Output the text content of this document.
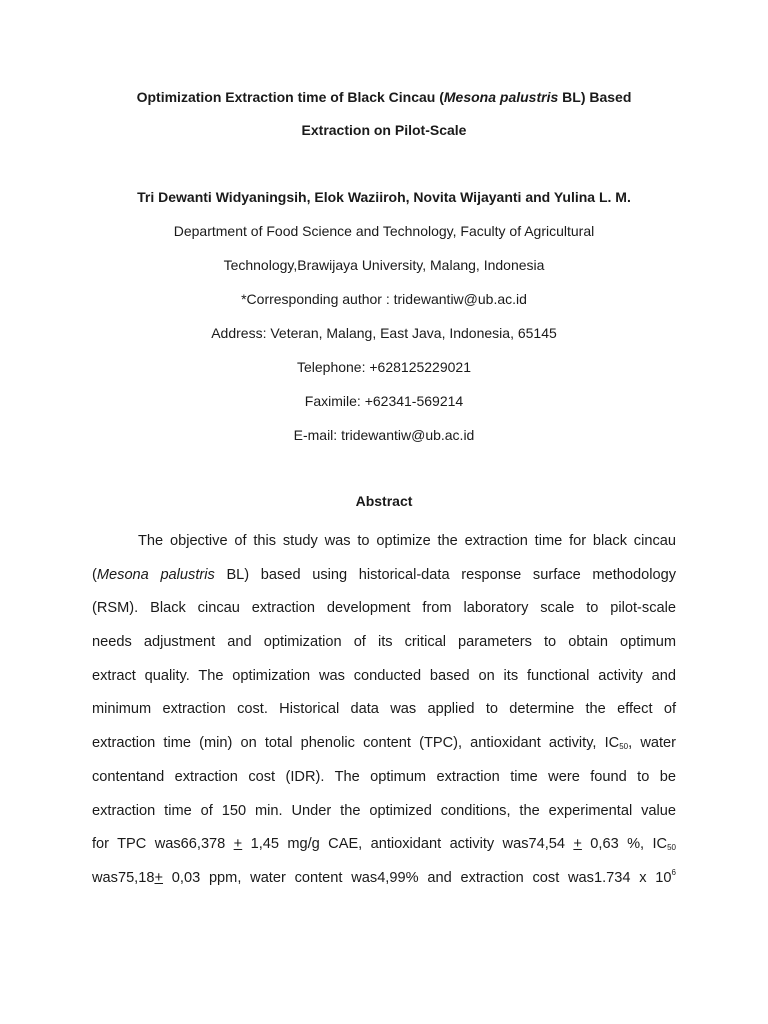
Optimization Extraction time of Black Cincau (Mesona palustris BL) Based
Extraction on Pilot-Scale
Tri Dewanti Widyaningsih, Elok Waziiroh, Novita Wijayanti and Yulina L. M.
Department of Food Science and Technology, Faculty of Agricultural
Technology,Brawijaya University, Malang, Indonesia
*Corresponding author : tridewantiw@ub.ac.id
Address: Veteran, Malang, East Java, Indonesia, 65145
Telephone: +628125229021
Faximile: +62341-569214
E-mail: tridewantiw@ub.ac.id
Abstract
The objective of this study was to optimize the extraction time for black cincau
(Mesona palustris BL) based using historical-data response surface methodology
(RSM). Black cincau extraction development from laboratory scale to pilot-scale
needs adjustment and optimization of its critical parameters to obtain optimum
extract quality. The optimization was conducted based on its functional activity and
minimum extraction cost. Historical data was applied to determine the effect of
extraction time (min) on total phenolic content (TPC), antioxidant activity, $IC_{50}$, water
contentand extraction cost (IDR). The optimum extraction time were found to be
extraction time of 150 min. Under the optimized conditions, the experimental value
for TPC was66,378 + 1,45 mg/g CAE, antioxidant activity was74,54 + 0,63 %, $IC_{50}$
was75,18+ 0,03 ppm, water content was4,99% and extraction cost was1.734 x $10^6$
